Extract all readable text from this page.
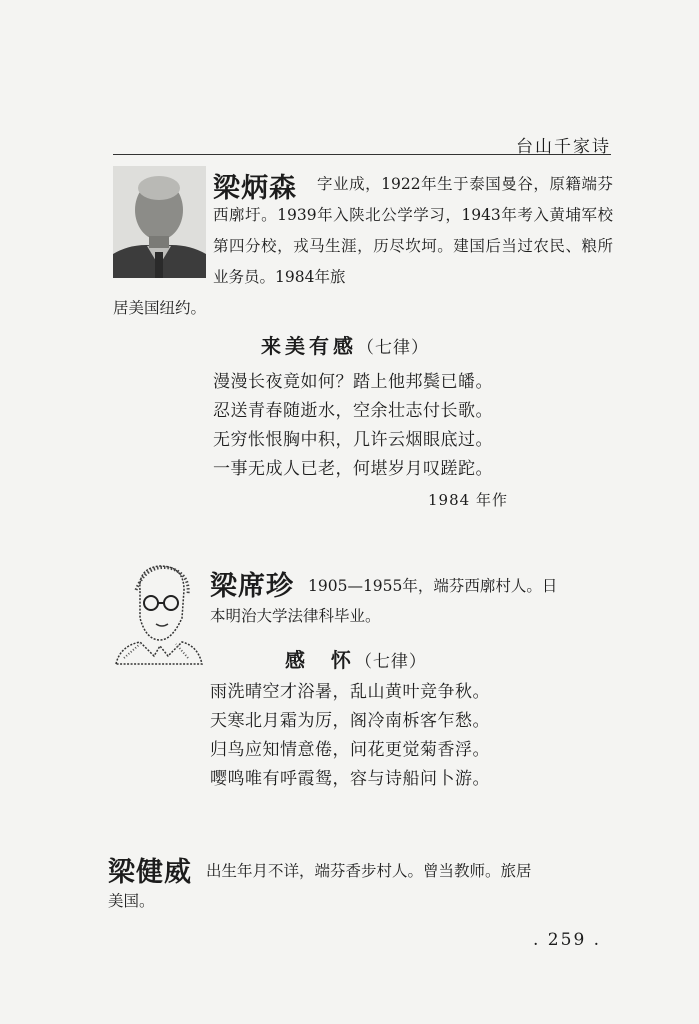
台山千家诗
梁炳森	字业成，1922年生于泰国曼谷，原籍端芬西廓圩。1939年入陕北公学学习，1943年考入黄埔军校第四分校，戎马生涯，历尽坎坷。建国后当过农民、粮所业务员。1984年旅
居美国纽约。
来美有感（七律）
漫漫长夜竟如何？踏上他邦鬓已皤。
忍送青春随逝水，空余壮志付长歌。
无穷怅恨胸中积，几许云烟眼底过。
一事无成人已老，何堪岁月叹蹉跎。
1984 年作
梁席珍 1905—1955年，端芬西廓村人。日
本明治大学法律科毕业。
感  怀（七律）
雨洗晴空才浴暑，乱山黄叶竞争秋。
天寒北月霜为厉，阁冷南柝客乍愁。
归鸟应知情意倦，问花更觉菊香浮。
嘤鸣唯有呼霞鸳，容与诗船问卜游。
梁健威 出生年月不详，端芬香步村人。曾当教师。旅居
美国。
. 259 .
